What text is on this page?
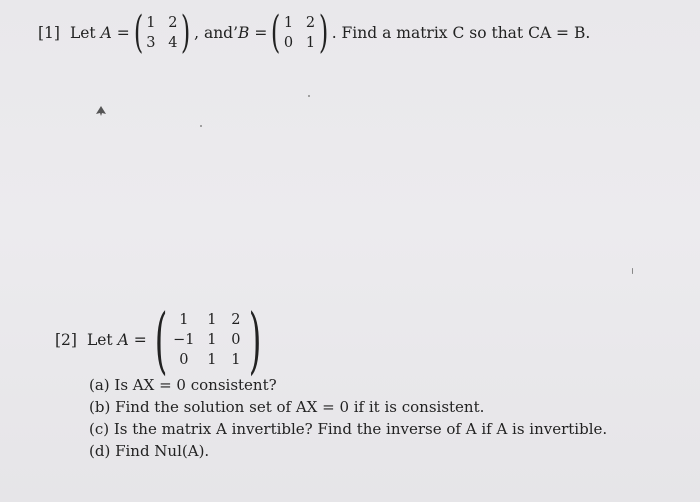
[1] Let
A
= ( 1 2
3 4 ) , and ’ B
= ( 1 2
0 1 ) . Find a matrix C so that CA = B.
[2] Let
A
= ( 1	1 2
−1 1 0
0	1 1 )
(a) Is AX = 0 consistent?
(b) Find the solution set of AX = 0 if it is consistent.
(c) Is the matrix A invertible? Find the inverse of A if A is invertible.
(d) Find Nul(A).
